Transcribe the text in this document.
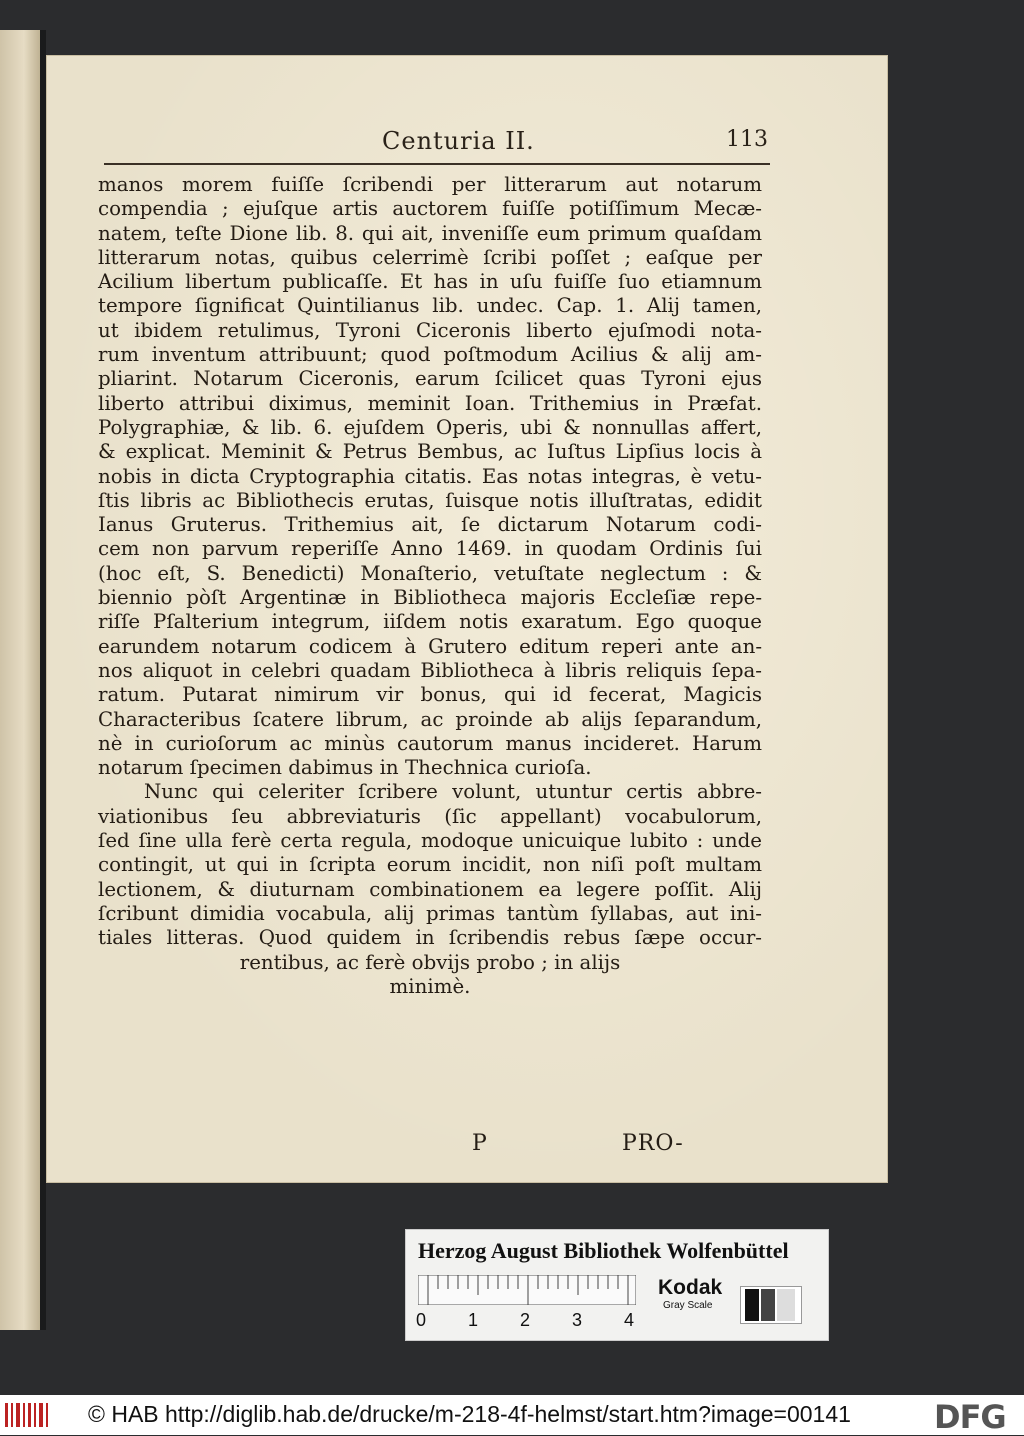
Centuria II.	113
manos morem fuiſſe ſcribendi per litterarum aut notarum
compendia ; ejuſque artis auctorem fuiſſe potiſſimum Mecæ-
natem, teſte Dione lib. 8. qui ait, inveniſſe eum primum quaſdam
litterarum notas, quibus celerrimè ſcribi poſſet ; eaſque per
Acilium libertum publicaſſe. Et has in uſu fuiſſe ſuo etiamnum
tempore ſignificat Quintilianus lib. undec. Cap. 1. Alij tamen,
ut ibidem retulimus, Tyroni Ciceronis liberto ejuſmodi nota-
rum inventum attribuunt; quod poſtmodum Acilius & alij am-
pliarint. Notarum Ciceronis, earum ſcilicet quas Tyroni ejus
liberto attribui diximus, meminit Ioan. Trithemius in Præfat.
Polygraphiæ, & lib. 6. ejuſdem Operis, ubi & nonnullas affert,
& explicat. Meminit & Petrus Bembus, ac Iuſtus Lipſius locis à
nobis in dicta Cryptographia citatis. Eas notas integras, è vetu-
ſtis libris ac Bibliothecis erutas, ſuisque notis illuſtratas, edidit
Ianus Gruterus. Trithemius ait, ſe dictarum Notarum codi-
cem non parvum reperiſſe Anno 1469. in quodam Ordinis ſui
(hoc eſt, S. Benedicti) Monaſterio, vetuſtate neglectum : &
biennio pòſt Argentinæ in Bibliotheca majoris Eccleſiæ repe-
riſſe Pſalterium integrum, iiſdem notis exaratum. Ego quoque
earundem notarum codicem à Grutero editum reperi ante an-
nos aliquot in celebri quadam Bibliotheca à libris reliquis ſepa-
ratum. Putarat nimirum vir bonus, qui id fecerat, Magicis
Characteribus ſcatere librum, ac proinde ab alijs ſeparandum,
nè in curioſorum ac minùs cautorum manus incideret. Harum
notarum ſpecimen dabimus in Thechnica curioſa.
Nunc qui celeriter ſcribere volunt, utuntur certis abbre-
viationibus ſeu abbreviaturis (ſic appellant) vocabulorum,
ſed ſine ulla ferè certa regula, modoque unicuique lubito : unde
contingit, ut qui in ſcripta eorum incidit, non niſi poſt multam
lectionem, & diuturnam combinationem ea legere poſſit. Alij
ſcribunt dimidia vocabula, alij primas tantùm ſyllabas, aut ini-
tiales litteras. Quod quidem in ſcribendis rebus ſæpe occur-
rentibus, ac ferè obvijs probo ; in alijs
minimè.
P	PRO-
Herzog August Bibliothek Wolfenbüttel
0 1 2 3 4
Kodak
Gray Scale
© HAB http://diglib.hab.de/drucke/m-218-4f-helmst/start.htm?image=00141	DFG
